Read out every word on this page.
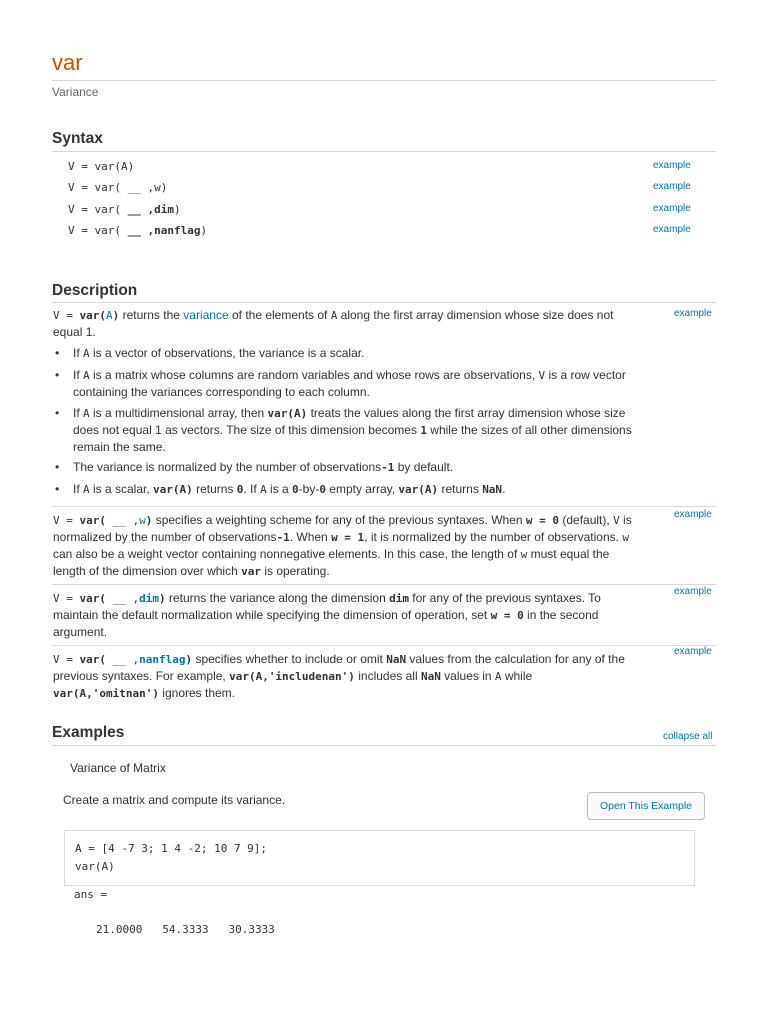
var
Variance
Syntax
V = var(A)	example
V = var( __ ,w)	example
V = var( __ ,dim)	example
V = var( __ ,nanflag)	example
Description
V = var(A) returns the variance of the elements of A along the first array dimension whose size does not equal 1.
example
• If A is a vector of observations, the variance is a scalar.
• If A is a matrix whose columns are random variables and whose rows are observations, V is a row vector containing the variances corresponding to each column.
• If A is a multidimensional array, then var(A) treats the values along the first array dimension whose size does not equal 1 as vectors. The size of this dimension becomes 1 while the sizes of all other dimensions remain the same.
• The variance is normalized by the number of observations-1 by default.
• If A is a scalar, var(A) returns 0. If A is a 0-by-0 empty array, var(A) returns NaN.
V = var( __ ,w) specifies a weighting scheme for any of the previous syntaxes. When w = 0 (default), V is normalized by the number of observations-1. When w = 1, it is normalized by the number of observations. w can also be a weight vector containing nonnegative elements. In this case, the length of w must equal the length of the dimension over which var is operating.
example
V = var( __ ,dim) returns the variance along the dimension dim for any of the previous syntaxes. To maintain the default normalization while specifying the dimension of operation, set w = 0 in the second argument.
example
V = var( __ ,nanflag) specifies whether to include or omit NaN values from the calculation for any of the previous syntaxes. For example, var(A,'includenan') includes all NaN values in A while var(A,'omitnan') ignores them.
example
Examples	collapse all
Variance of Matrix
Create a matrix and compute its variance.	Open This Example
A = [4 -7 3; 1 4 -2; 10 7 9];
var(A)
ans =
21.0000   54.3333   30.3333
